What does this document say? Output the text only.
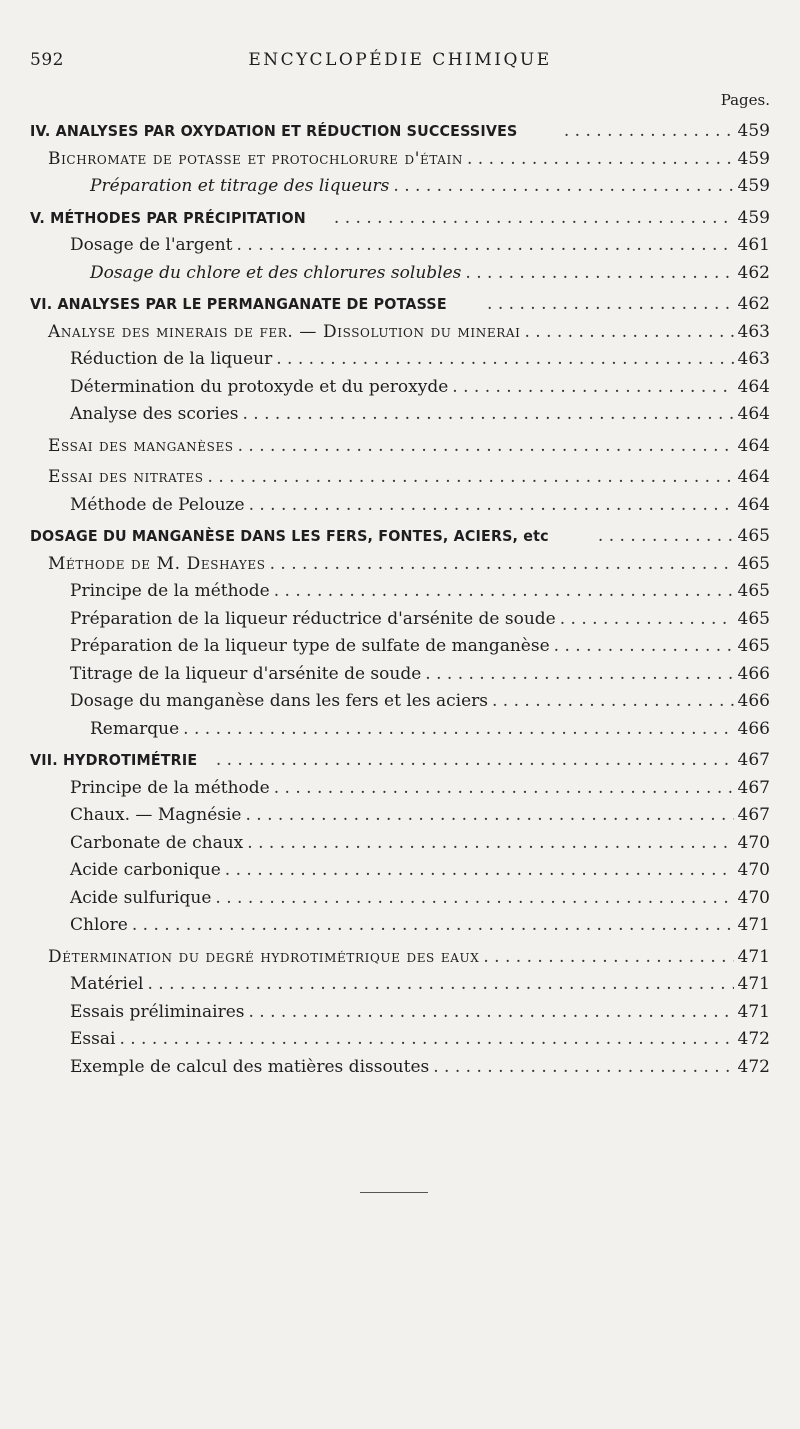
592	ENCYCLOPÉDIE CHIMIQUE
Pages.
IV. ANALYSES PAR OXYDATION ET RÉDUCTION SUCCESSIVES . . .	459
Bichromate de potasse et protochlorure d'étain . . .	459
Préparation et titrage des liqueurs . . .	459
V. MÉTHODES PAR PRÉCIPITATION . . .	459
Dosage de l'argent . . .	461
Dosage du chlore et des chlorures solubles . . .	462
VI. ANALYSES PAR LE PERMANGANATE DE POTASSE . . .	462
Analyse des minerais de fer. — Dissolution du minerai . . .	463
Réduction de la liqueur . . .	463
Détermination du protoxyde et du peroxyde . . .	464
Analyse des scories . . .	464
Essai des manganèses . . .	464
Essai des nitrates . . .	464
Méthode de Pelouze . . .	464
DOSAGE DU MANGANÈSE DANS LES FERS, FONTES, ACIERS, etc . . .	465
Méthode de M. Deshayes . . .	465
Principe de la méthode . . .	465
Préparation de la liqueur réductrice d'arsénite de soude . . .	465
Préparation de la liqueur type de sulfate de manganèse . . .	465
Titrage de la liqueur d'arsénite de soude . . .	466
Dosage du manganèse dans les fers et les aciers . . .	466
Remarque . . .	466
VII. HYDROTIMÉTRIE . . .	467
Principe de la méthode . . .	467
Chaux. — Magnésie . . .	467
Carbonate de chaux . . .	470
Acide carbonique . . .	470
Acide sulfurique . . .	470
Chlore . . .	471
Détermination du degré hydrotimétrique des eaux . . .	471
Matériel . . .	471
Essais préliminaires . . .	471
Essai . . .	472
Exemple de calcul des matières dissoutes . . .	472
